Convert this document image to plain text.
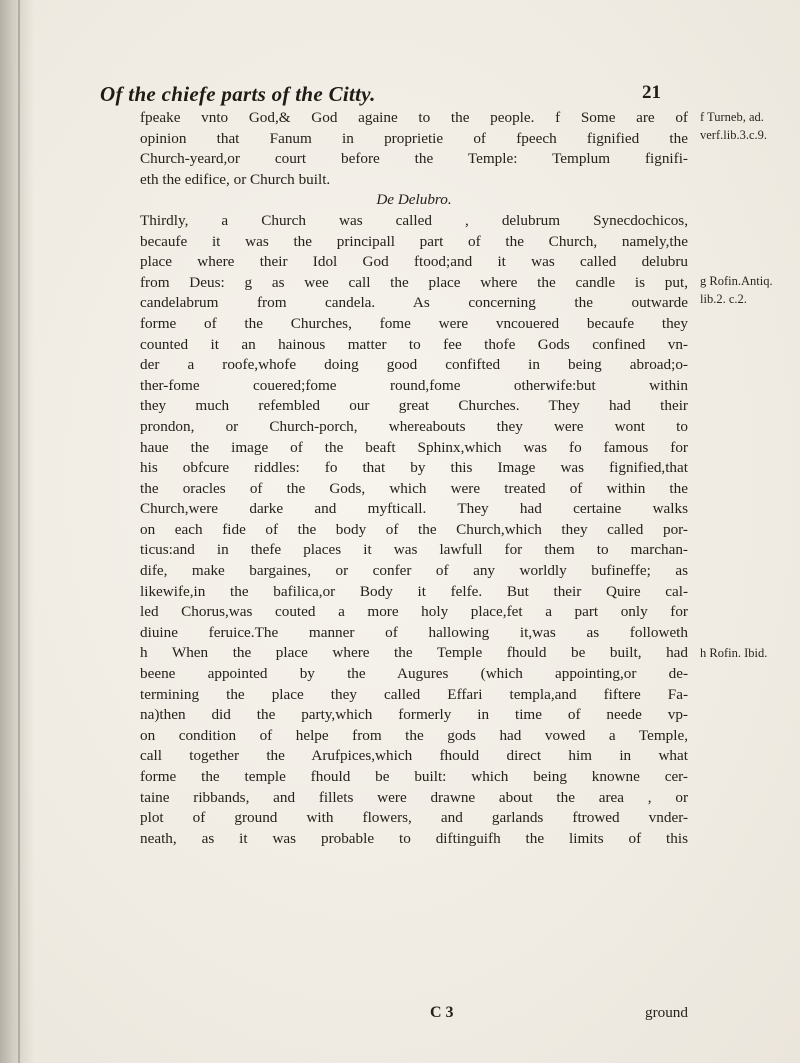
Of the chiefe parts of the Citty.	21
fpeake vnto God,& God againe to the people. f Some are of
opinion that Fanum in proprietie of fpeech fignified the
Church-yeard,or court before the Temple: Templum fignifi-
eth the edifice, or Church built.
De Delubro.
Thirdly, a Church was called , delubrum Synecdochicos,
becaufe it was the principall part of the Church, namely,the
place where their Idol God ftood;and it was called delubru
from Deus: g as wee call the place where the candle is put,
candelabrum from candela. As concerning the outwarde
forme of the Churches, fome were vncouered becaufe they
counted it an hainous matter to fee thofe Gods confined vn-
der a roofe,whofe doing good confifted in being abroad;o-
ther-fome couered;fome round,fome otherwife:but within
they much refembled our great Churches. They had their
prondon, or Church-porch, whereabouts they were wont to
haue the image of the beaft Sphinx,which was fo famous for
his obfcure riddles: fo that by this Image was fignified,that
the oracles of the Gods, which were treated of within the
Church,were darke and myfticall. They had certaine walks
on each fide of the body of the Church,which they called por-
ticus:and in thefe places it was lawfull for them to marchan-
dife, make bargaines, or confer of any worldly bufineffe; as
likewife,in the bafilica,or Body it felfe. But their Quire cal-
led Chorus,was couted a more holy place,fet a part only for
diuine feruice.The manner of hallowing it,was as followeth
h When the place where the Temple fhould be built, had
beene appointed by the Augures (which appointing,or de-
termining the place they called Effari templa,and fiftere Fa-
na)then did the party,which formerly in time of neede vp-
on condition of helpe from the gods had vowed a Temple,
call together the Arufpices,which fhould direct him in what
forme the temple fhould be built: which being knowne cer-
taine ribbands, and fillets were drawne about the area , or
plot of ground with flowers, and garlands ftrowed vnder-
neath, as it was probable to diftinguifh the limits of this
f Turneb, ad.
verf.lib.3.c.9.
g Rofin.Antiq.
lib.2. c.2.
h Rofin. Ibid.
C 3	ground
